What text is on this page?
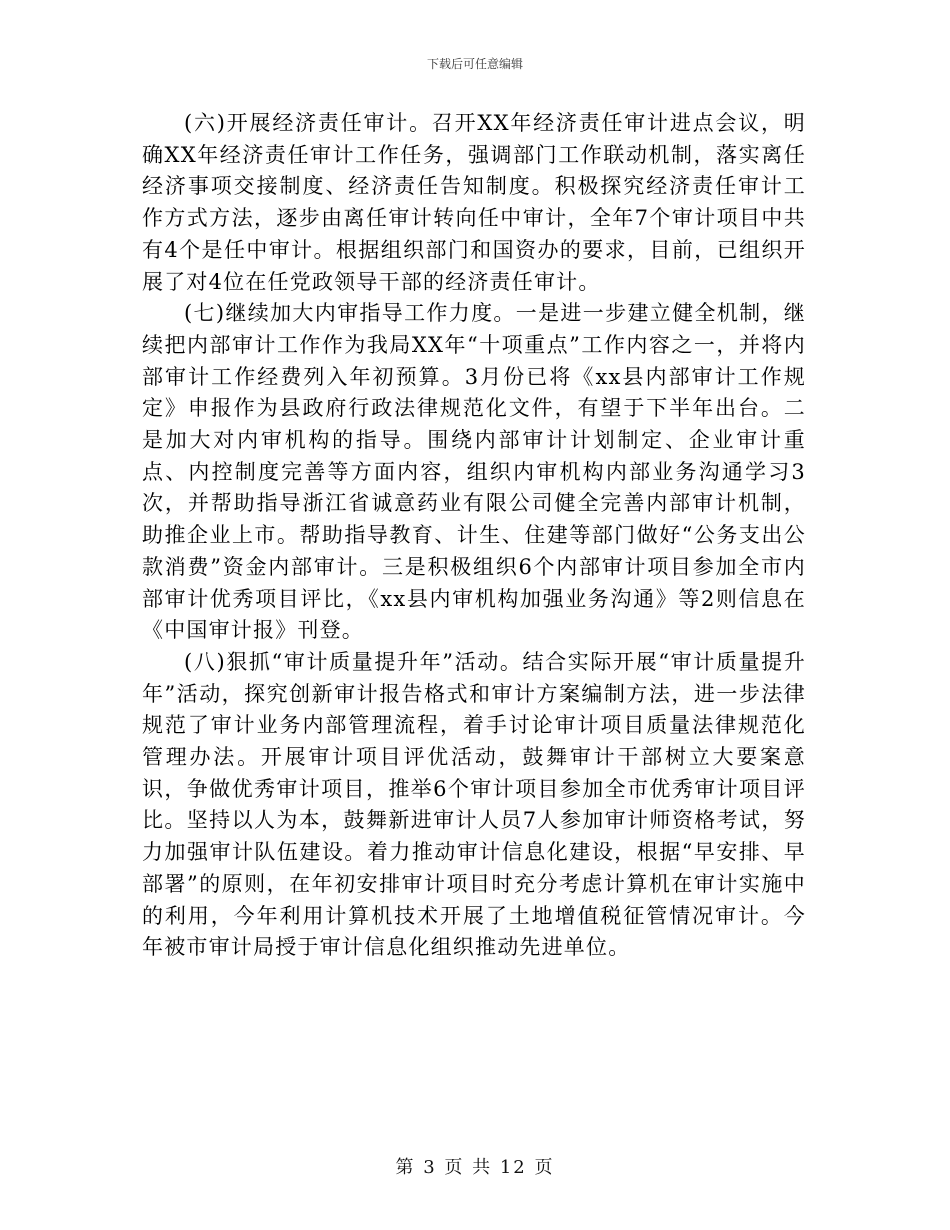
下载后可任意编辑

(六)开展经济责任审计。召开XX年经济责任审计进点会议，明确XX年经济责任审计工作任务，强调部门工作联动机制，落实离任经济事项交接制度、经济责任告知制度。积极探究经济责任审计工作方式方法，逐步由离任审计转向任中审计，全年7个审计项目中共有4个是任中审计。根据组织部门和国资办的要求，目前，已组织开展了对4位在任党政领导干部的经济责任审计。

(七)继续加大内审指导工作力度。一是进一步建立健全机制，继续把内部审计工作作为我局XX年“十项重点”工作内容之一，并将内部审计工作经费列入年初预算。3月份已将《xx县内部审计工作规定》申报作为县政府行政法律规范化文件，有望于下半年出台。二是加大对内审机构的指导。围绕内部审计计划制定、企业审计重点、内控制度完善等方面内容，组织内审机构内部业务沟通学习3次，并帮助指导浙江省诚意药业有限公司健全完善内部审计机制，助推企业上市。帮助指导教育、计生、住建等部门做好“公务支出公款消费”资金内部审计。三是积极组织6个内部审计项目参加全市内部审计优秀项目评比，《xx县内审机构加强业务沟通》等2则信息在《中国审计报》刊登。

(八)狠抓“审计质量提升年”活动。结合实际开展“审计质量提升年”活动，探究创新审计报告格式和审计方案编制方法，进一步法律规范了审计业务内部管理流程，着手讨论审计项目质量法律规范化管理办法。开展审计项目评优活动，鼓舞审计干部树立大要案意识，争做优秀审计项目，推举6个审计项目参加全市优秀审计项目评比。坚持以人为本，鼓舞新进审计人员7人参加审计师资格考试，努力加强审计队伍建设。着力推动审计信息化建设，根据“早安排、早部署”的原则，在年初安排审计项目时充分考虑计算机在审计实施中的利用，今年利用计算机技术开展了土地增值税征管情况审计。今年被市审计局授于审计信息化组织推动先进单位。

第 3 页 共 12 页
